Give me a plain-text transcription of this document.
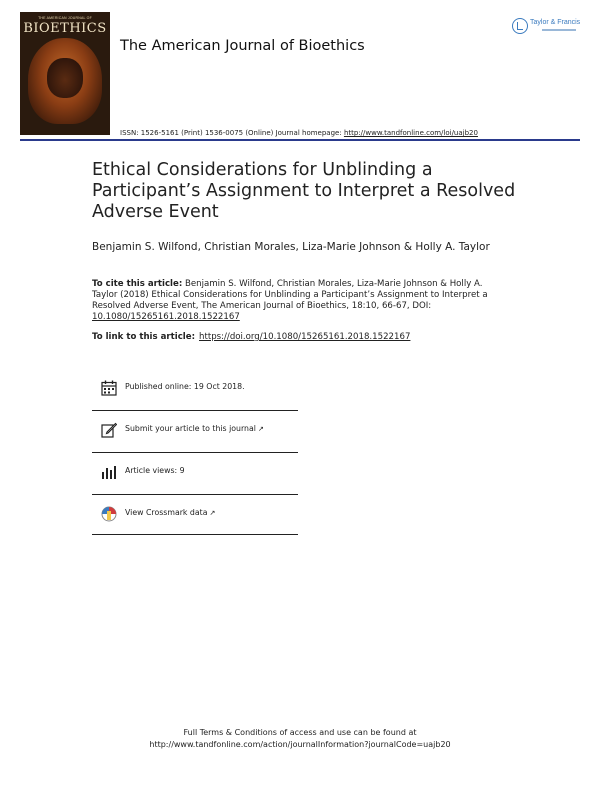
THE AMERICAN JOURNAL OF
BIOETHICS
The American Journal of Bioethics
Taylor & Francis
ISSN: 1526-5161 (Print) 1536-0075 (Online) Journal homepage: http://www.tandfonline.com/loi/uajb20
Ethical Considerations for Unblinding a Participant’s Assignment to Interpret a Resolved Adverse Event
Benjamin S. Wilfond, Christian Morales, Liza-Marie Johnson & Holly A. Taylor
To cite this article: Benjamin S. Wilfond, Christian Morales, Liza-Marie Johnson & Holly A. Taylor (2018) Ethical Considerations for Unblinding a Participant’s Assignment to Interpret a Resolved Adverse Event, The American Journal of Bioethics, 18:10, 66-67, DOI: 10.1080/15265161.2018.1522167
To link to this article: https://doi.org/10.1080/15265161.2018.1522167
Published online: 19 Oct 2018.
Submit your article to this journal ↗
Article views: 9
View Crossmark data ↗
Full Terms & Conditions of access and use can be found at
http://www.tandfonline.com/action/journalInformation?journalCode=uajb20
